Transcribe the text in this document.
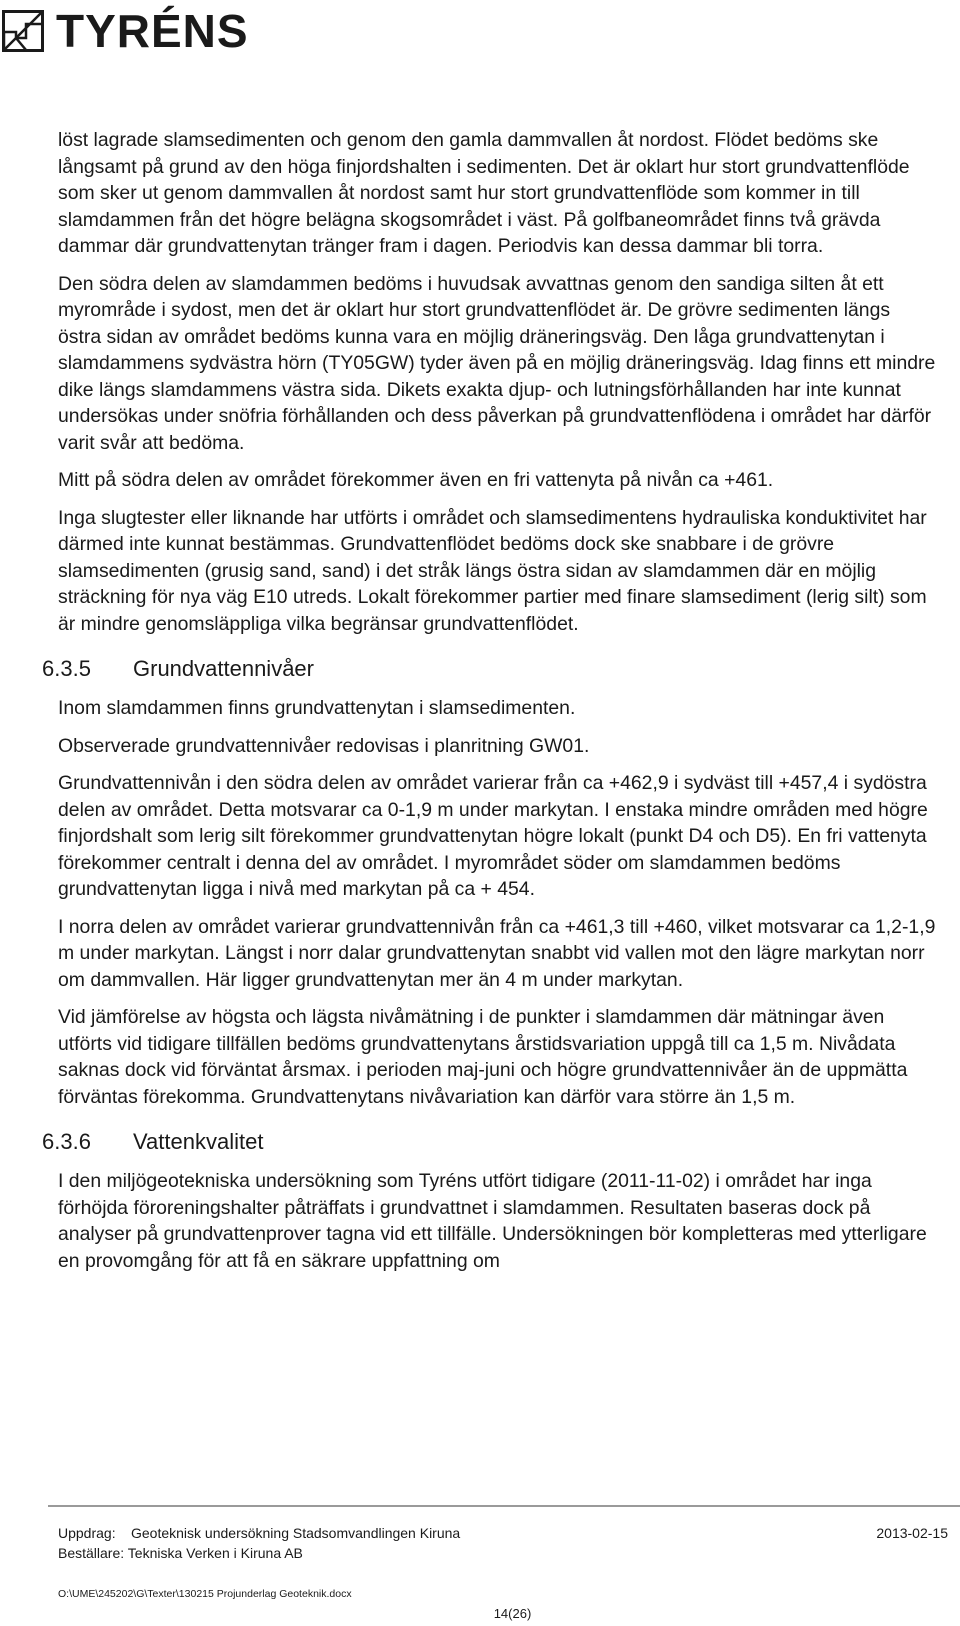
TYRÉNS

löst lagrade slamsedimenten och genom den gamla dammvallen åt nordost. Flödet bedöms ske långsamt på grund av den höga finjordshalten i sedimenten. Det är oklart hur stort grundvattenflöde som sker ut genom dammvallen åt nordost samt hur stort grundvattenflöde som kommer in till slamdammen från det högre belägna skogsområdet i väst. På golfbaneområdet finns två grävda dammar där grundvattenytan tränger fram i dagen. Periodvis kan dessa dammar bli torra.

Den södra delen av slamdammen bedöms i huvudsak avvattnas genom den sandiga silten åt ett myrområde i sydost, men det är oklart hur stort grundvattenflödet är. De grövre sedimenten längs östra sidan av området bedöms kunna vara en möjlig dräneringsväg. Den låga grundvattenytan i slamdammens sydvästra hörn (TY05GW) tyder även på en möjlig dräneringsväg. Idag finns ett mindre dike längs slamdammens västra sida. Dikets exakta djup- och lutningsförhållanden har inte kunnat undersökas under snöfria förhållanden och dess påverkan på grundvattenflödena i området har därför varit svår att bedöma.

Mitt på södra delen av området förekommer även en fri vattenyta på nivån ca +461.

Inga slugtester eller liknande har utförts i området och slamsedimentens hydrauliska konduktivitet har därmed inte kunnat bestämmas. Grundvattenflödet bedöms dock ske snabbare i de grövre slamsedimenten (grusig sand, sand) i det stråk längs östra sidan av slamdammen där en möjlig sträckning för nya väg E10 utreds. Lokalt förekommer partier med finare slamsediment (lerig silt) som är mindre genomsläppliga vilka begränsar grundvattenflödet.

6.3.5	Grundvattennivåer

Inom slamdammen finns grundvattenytan i slamsedimenten.

Observerade grundvattennivåer redovisas i planritning GW01.

Grundvattennivån i den södra delen av området varierar från ca +462,9 i sydväst till +457,4 i sydöstra delen av området. Detta motsvarar ca 0-1,9 m under markytan. I enstaka mindre områden med högre finjordshalt som lerig silt förekommer grundvattenytan högre lokalt (punkt D4 och D5). En fri vattenyta förekommer centralt i denna del av området. I myrområdet söder om slamdammen bedöms grundvattenytan ligga i nivå med markytan på ca + 454.

I norra delen av området varierar grundvattennivån från ca +461,3 till +460, vilket motsvarar ca 1,2-1,9 m under markytan. Längst i norr dalar grundvattenytan snabbt vid vallen mot den lägre markytan norr om dammvallen. Här ligger grundvattenytan mer än 4 m under markytan.

Vid jämförelse av högsta och lägsta nivåmätning i de punkter i slamdammen där mätningar även utförts vid tidigare tillfällen bedöms grundvattenytans årstidsvariation uppgå till ca 1,5 m. Nivådata saknas dock vid förväntat årsmax. i perioden maj-juni och högre grundvattennivåer än de uppmätta förväntas förekomma. Grundvattenytans nivåvariation kan därför vara större än 1,5 m.

6.3.6	Vattenkvalitet

I den miljögeotekniska undersökning som Tyréns utfört tidigare (2011-11-02) i området har inga förhöjda föroreningshalter påträffats i grundvattnet i slamdammen. Resultaten baseras dock på analyser på grundvattenprover tagna vid ett tillfälle. Undersökningen bör kompletteras med ytterligare en provomgång för att få en säkrare uppfattning om

Uppdrag: Geoteknisk undersökning Stadsomvandlingen Kiruna	2013-02-15
Beställare: Tekniska Verken i Kiruna AB
O:\UME\245202\G\Texter\130215 Projunderlag Geoteknik.docx
14(26)
